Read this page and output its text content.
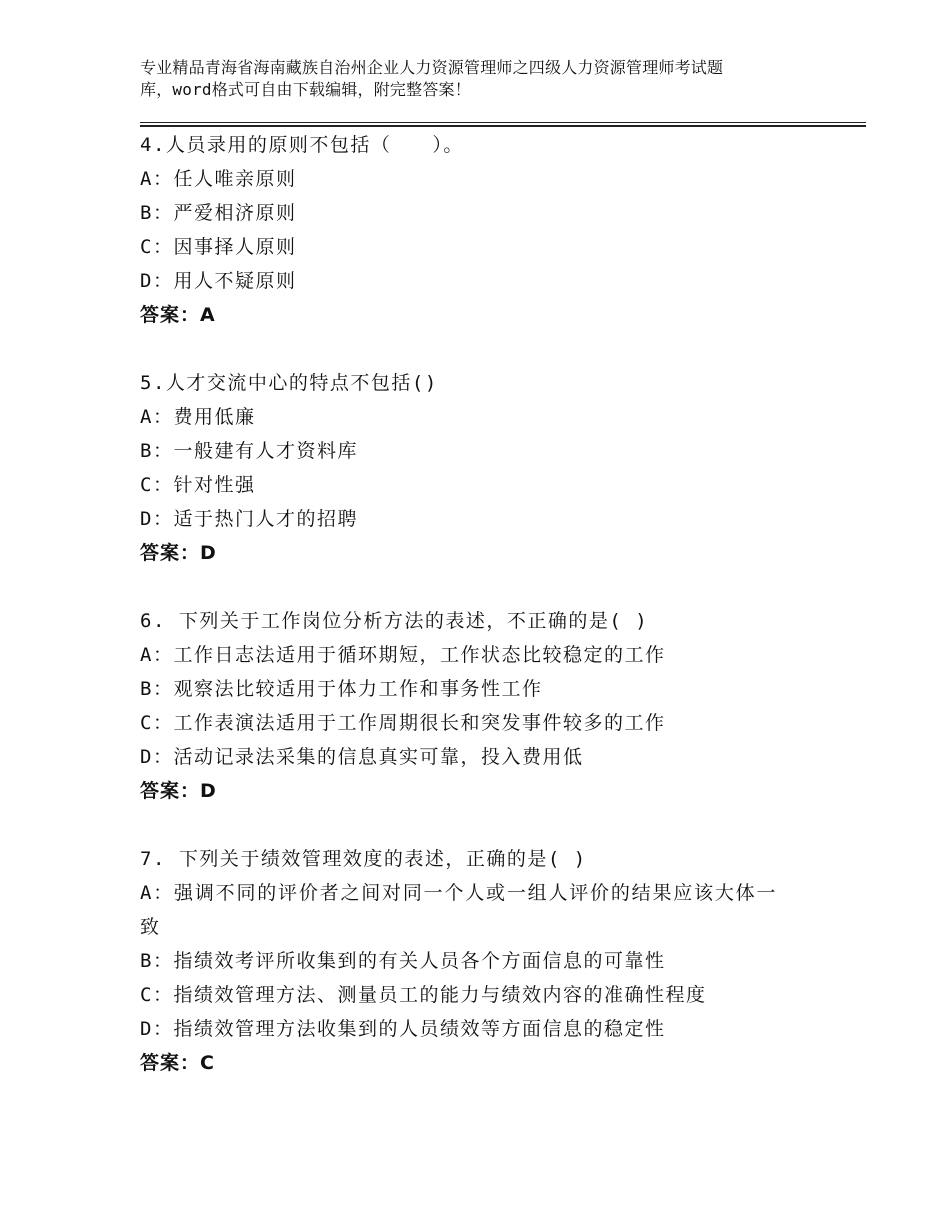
专业精品青海省海南藏族自治州企业人力资源管理师之四级人力资源管理师考试题
库，word格式可自由下载编辑，附完整答案！
4.人员录用的原则不包括（　　）。
A：任人唯亲原则
B：严爱相济原则
C：因事择人原则
D：用人不疑原则
答案：A
5.人才交流中心的特点不包括()
A：费用低廉
B：一般建有人才资料库
C：针对性强
D：适于热门人才的招聘
答案：D
6. 下列关于工作岗位分析方法的表述，不正确的是( )
A：工作日志法适用于循环期短，工作状态比较稳定的工作
B：观察法比较适用于体力工作和事务性工作
C：工作表演法适用于工作周期很长和突发事件较多的工作
D：活动记录法采集的信息真实可靠，投入费用低
答案：D
7. 下列关于绩效管理效度的表述，正确的是( )
A：强调不同的评价者之间对同一个人或一组人评价的结果应该大体一
致
B：指绩效考评所收集到的有关人员各个方面信息的可靠性
C：指绩效管理方法、测量员工的能力与绩效内容的准确性程度
D：指绩效管理方法收集到的人员绩效等方面信息的稳定性
答案：C
